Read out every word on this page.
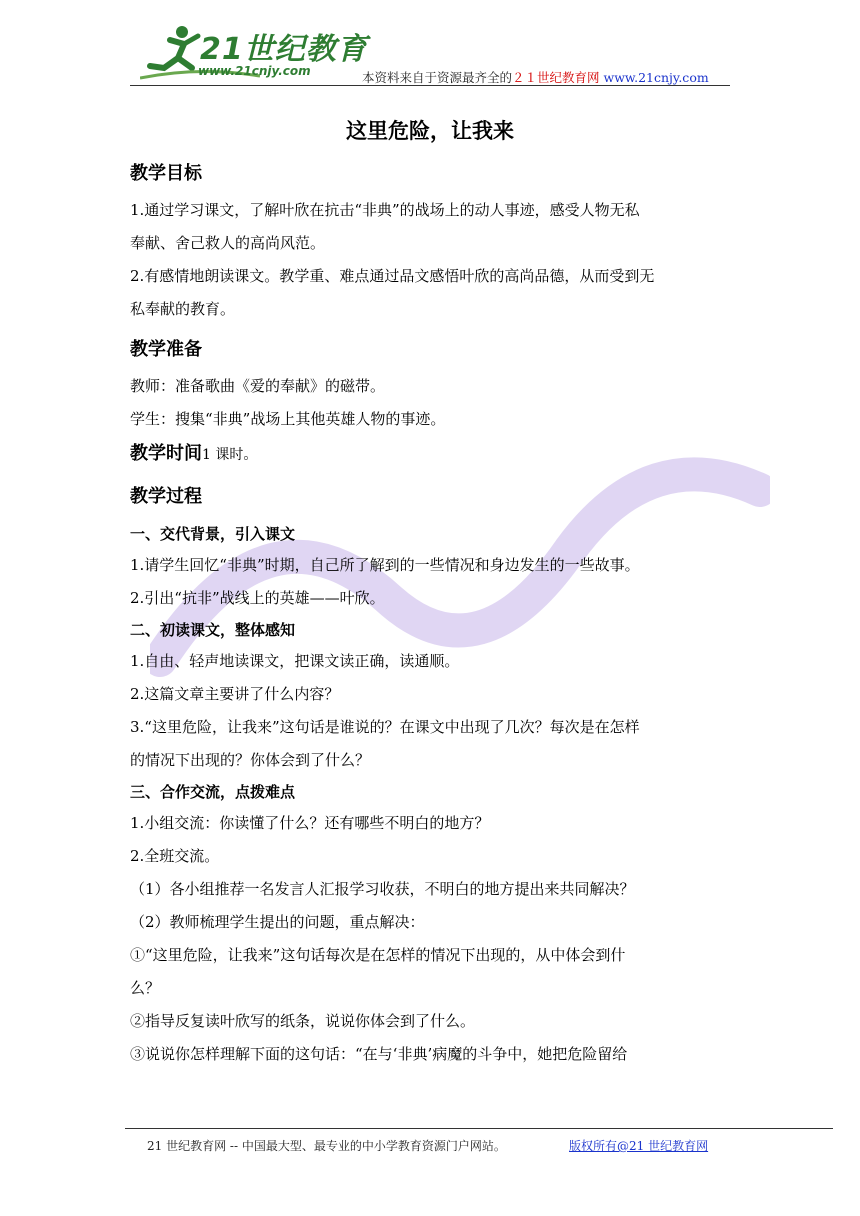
21世纪教育
www.21cnjy.com	本资料来自于资源最齐全的２１世纪教育网 www.21cnjy.com
这里危险，让我来

教学目标

1.通过学习课文，了解叶欣在抗击“非典”的战场上的动人事迹，感受人物无私

奉献、舍己救人的高尚风范。

2.有感情地朗读课文。教学重、难点通过品文感悟叶欣的高尚品德，从而受到无

私奉献的教育。

教学准备

教师：准备歌曲《爱的奉献》的磁带。

学生：搜集“非典”战场上其他英雄人物的事迹。

教学时间1 课时。

教学过程

一、交代背景，引入课文

1.请学生回忆“非典”时期，自己所了解到的一些情况和身边发生的一些故事。

2.引出“抗非”战线上的英雄——叶欣。

二、初读课文，整体感知

1.自由、轻声地读课文，把课文读正确，读通顺。

2.这篇文章主要讲了什么内容？

3.“这里危险，让我来”这句话是谁说的？在课文中出现了几次？每次是在怎样

的情况下出现的？你体会到了什么？

三、合作交流，点拨难点

1.小组交流：你读懂了什么？还有哪些不明白的地方？

2.全班交流。

（1）各小组推荐一名发言人汇报学习收获，不明白的地方提出来共同解决？

（2）教师梳理学生提出的问题，重点解决：

①“这里危险，让我来”这句话每次是在怎样的情况下出现的，从中体会到什

么？

②指导反复读叶欣写的纸条，说说你体会到了什么。

③说说你怎样理解下面的这句话：“在与‘非典’病魔的斗争中，她把危险留给

21 世纪教育网 -- 中国最大型、最专业的中小学教育资源门户网站。	版权所有@21 世纪教育网
